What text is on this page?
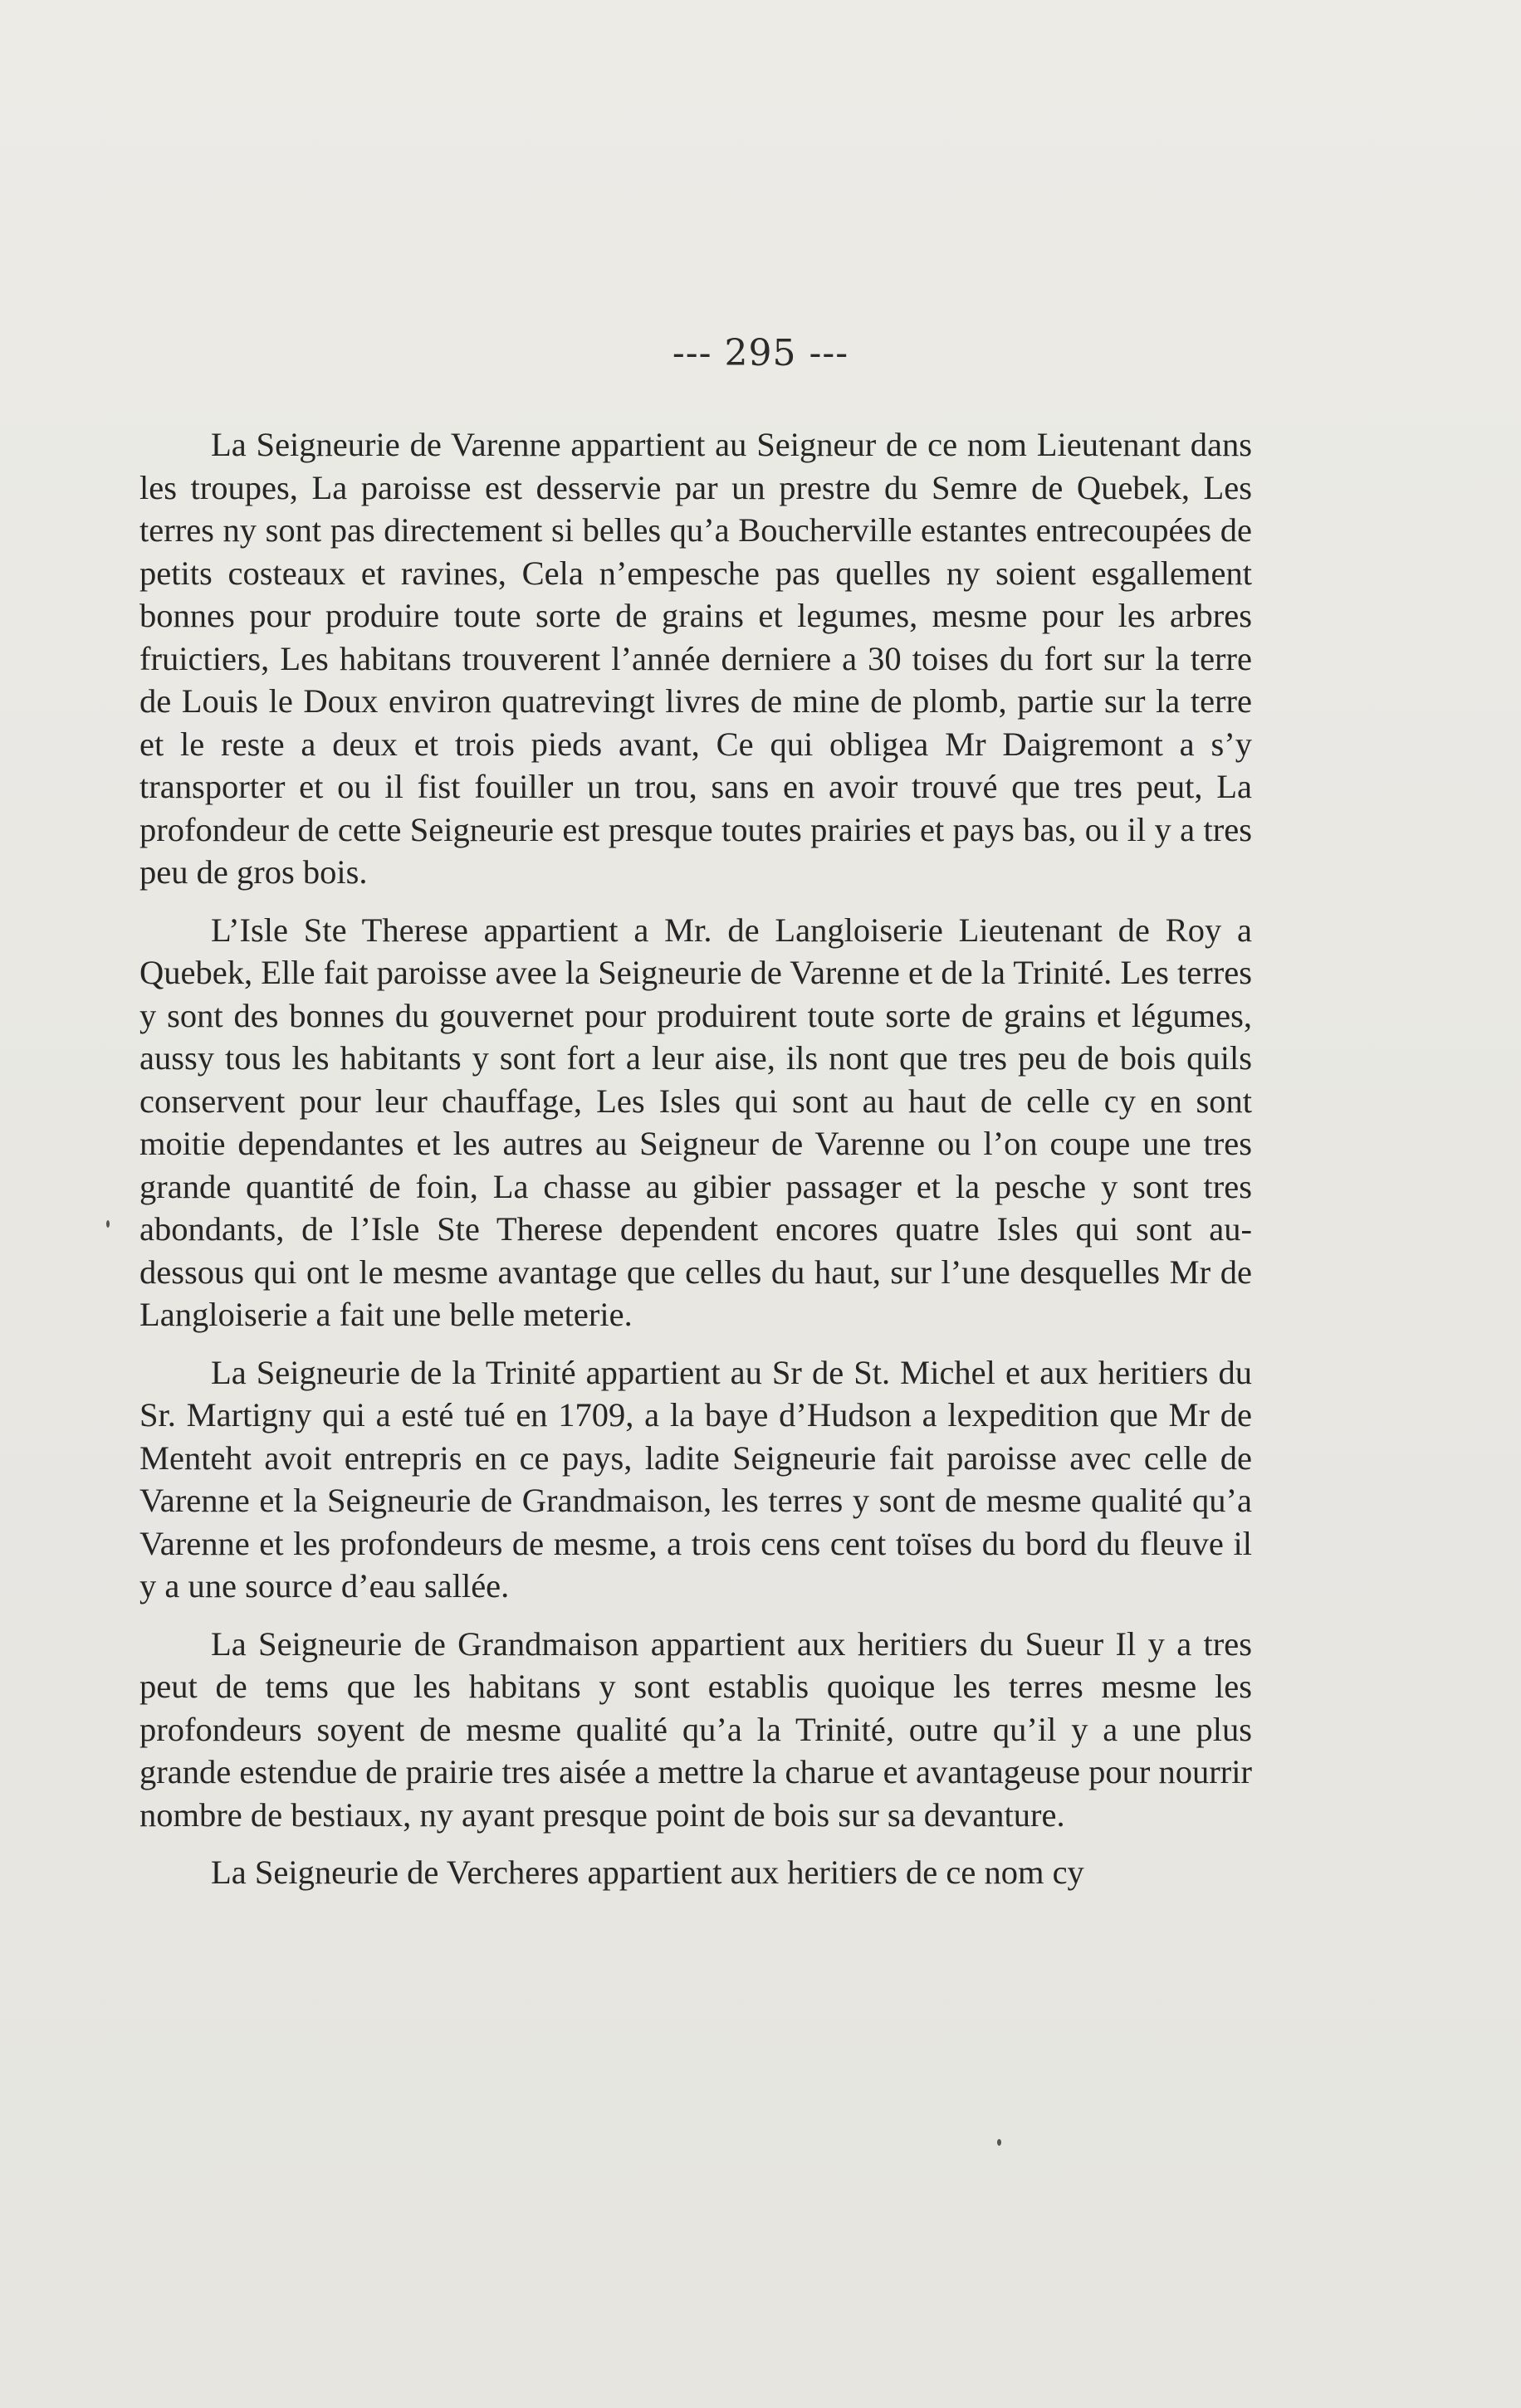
--- 295 ---

La Seigneurie de Varenne appartient au Seigneur de ce nom Lieutenant dans les troupes, La paroisse est desservie par un prestre du Semre de Quebek, Les terres ny sont pas directement si belles qu’a Boucherville estantes entrecoupées de petits costeaux et ravines, Cela n’empesche pas quelles ny soient esgallement bonnes pour produire toute sorte de grains et legumes, mesme pour les arbres fruictiers, Les habitans trouverent l’année derniere a 30 toises du fort sur la terre de Louis le Doux environ quatrevingt livres de mine de plomb, partie sur la terre et le reste a deux et trois pieds avant, Ce qui obligea Mr Daigremont a s’y transporter et ou il fist fouiller un trou, sans en avoir trouvé que tres peut, La profondeur de cette Seigneurie est presque toutes prairies et pays bas, ou il y a tres peu de gros bois.

L’Isle Ste Therese appartient a Mr. de Langloiserie Lieutenant de Roy a Quebek, Elle fait paroisse avee la Seigneurie de Varenne et de la Trinité. Les terres y sont des bonnes du gouvernet pour produirent toute sorte de grains et légumes, aussy tous les habitants y sont fort a leur aise, ils nont que tres peu de bois quils conservent pour leur chauffage, Les Isles qui sont au haut de celle cy en sont moitie dependantes et les autres au Seigneur de Varenne ou l’on coupe une tres grande quantité de foin, La chasse au gibier passager et la pesche y sont tres abondants, de l’Isle Ste Therese dependent encores quatre Isles qui sont au-dessous qui ont le mesme avantage que celles du haut, sur l’une desquelles Mr de Langloiserie a fait une belle meterie.

La Seigneurie de la Trinité appartient au Sr de St. Michel et aux heritiers du Sr. Martigny qui a esté tué en 1709, a la baye d’Hudson a lexpedition que Mr de Menteht avoit entrepris en ce pays, ladite Seigneurie fait paroisse avec celle de Varenne et la Seigneurie de Grandmaison, les terres y sont de mesme qualité qu’a Varenne et les profondeurs de mesme, a trois cens cent toïses du bord du fleuve il y a une source d’eau sallée.

La Seigneurie de Grandmaison appartient aux heritiers du Sueur Il y a tres peut de tems que les habitans y sont establis quoique les terres mesme les profondeurs soyent de mesme qualité qu’a la Trinité, outre qu’il y a une plus grande estendue de prairie tres aisée a mettre la charue et avantageuse pour nourrir nombre de bestiaux, ny ayant presque point de bois sur sa devanture.

La Seigneurie de Vercheres appartient aux heritiers de ce nom cy
